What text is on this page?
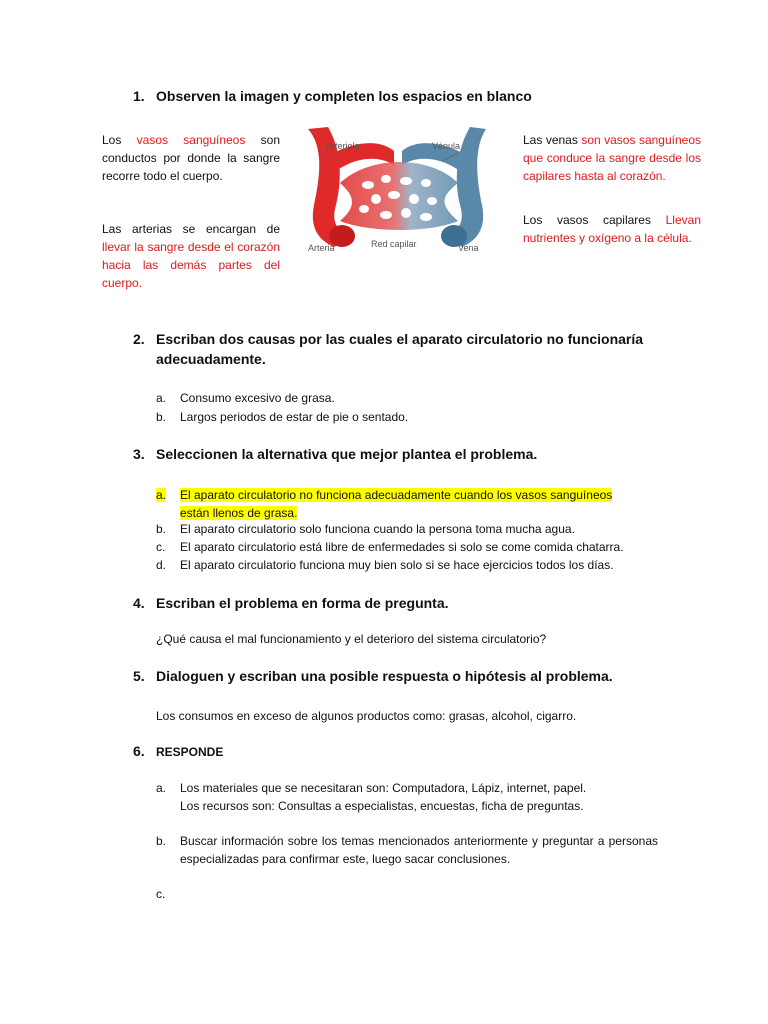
1. Observen la imagen y completen los espacios en blanco
Los vasos sanguíneos son conductos por donde la sangre recorre todo el cuerpo.
Las arterias se encargan de llevar la sangre desde el corazón hacia las demás partes del cuerpo.
Las venas son vasos sanguíneos que conduce la sangre desde los capilares hasta al corazón.
Los vasos capilares Llevan nutrientes y oxígeno a la célula.
Arteriola	Vénula
Red capilar
Arteria	Vena
2. Escriban dos causas por las cuales el aparato circulatorio no funcionaría adecuadamente.
a. Consumo excesivo de grasa.
b. Largos periodos de estar de pie o sentado.
3. Seleccionen la alternativa que mejor plantea el problema.
a. El aparato circulatorio no funciona adecuadamente cuando los vasos sanguíneos
están llenos de grasa.
b. El aparato circulatorio solo funciona cuando la persona toma mucha agua.
c. El aparato circulatorio está libre de enfermedades si solo se come comida chatarra.
d. El aparato circulatorio funciona muy bien solo si se hace ejercicios todos los días.
4. Escriban el problema en forma de pregunta.
¿Qué causa el mal funcionamiento y el deterioro del sistema circulatorio?
5. Dialoguen y escriban una posible respuesta o hipótesis al problema.
Los consumos en exceso de algunos productos como: grasas, alcohol, cigarro.
6. RESPONDE
a. Los materiales que se necesitaran son: Computadora, Lápiz, internet, papel.
Los recursos son: Consultas a especialistas, encuestas, ficha de preguntas.
b. Buscar información sobre los temas mencionados anteriormente y preguntar a personas especializadas para confirmar este, luego sacar conclusiones.
c.
